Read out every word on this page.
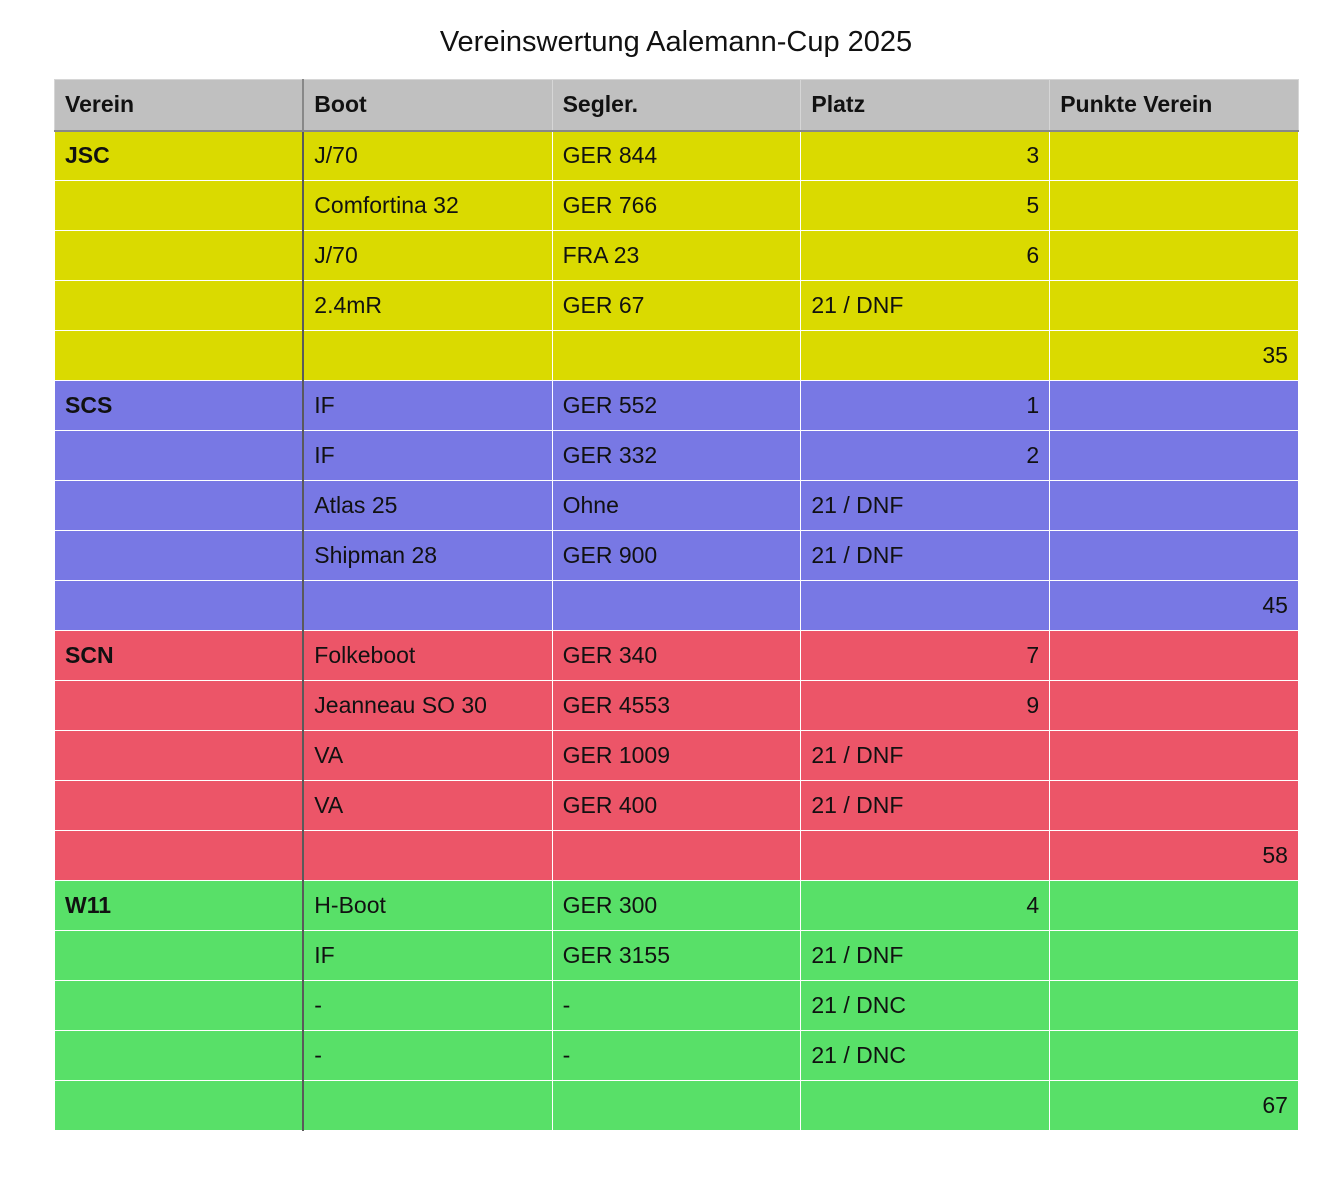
Vereinswertung Aalemann-Cup 2025
Verein	Boot	Segler.	Platz	Punkte Verein
JSC	J/70	GER 844	3	
	Comfortina 32	GER 766	5	
	J/70	FRA 23	6	
	2.4mR	GER 67	21 / DNF	
				35
SCS	IF	GER 552	1	
	IF	GER 332	2	
	Atlas 25	Ohne	21 / DNF	
	Shipman 28	GER 900	21 / DNF	
				45
SCN	Folkeboot	GER 340	7	
	Jeanneau SO 30	GER 4553	9	
	VA	GER 1009	21 / DNF	
	VA	GER 400	21 / DNF	
				58
W11	H-Boot	GER 300	4	
	IF	GER 3155	21 / DNF	
	-	-	21 / DNC	
	-	-	21 / DNC	
				67
